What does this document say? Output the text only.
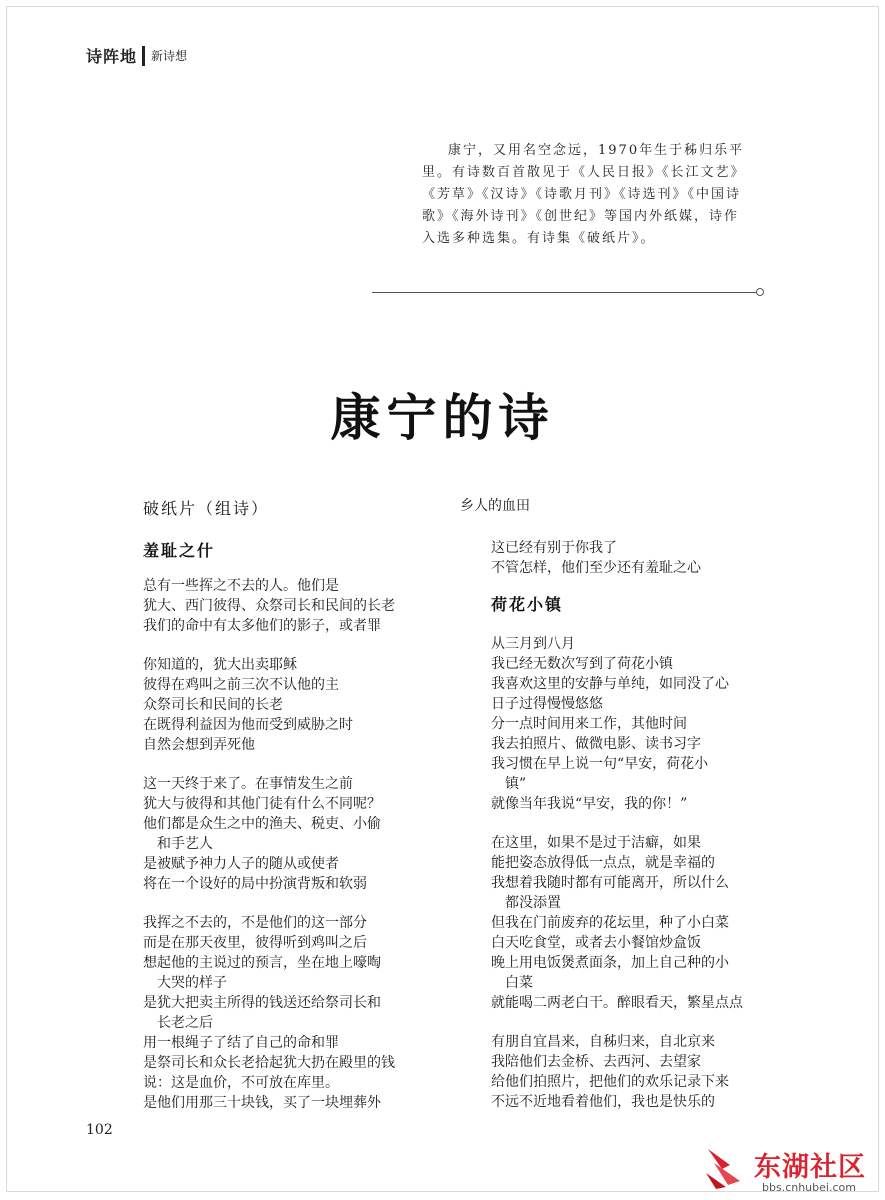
诗阵地 新诗想

康宁，又用名空念远，1970年生于秭归乐平里。有诗数百首散见于《人民日报》《长江文艺》《芳草》《汉诗》《诗歌月刊》《诗选刊》《中国诗歌》《海外诗刊》《创世纪》等国内外纸媒，诗作入选多种选集。有诗集《破纸片》。

康宁的诗
破纸片（组诗）
羞耻之什
总有一些挥之不去的人。他们是
犹大、西门彼得、众祭司长和民间的长老
我们的命中有太多他们的影子，或者罪
你知道的，犹大出卖耶稣
彼得在鸡叫之前三次不认他的主
众祭司长和民间的长老
在既得利益因为他而受到威胁之时
自然会想到弄死他
这一天终于来了。在事情发生之前
犹大与彼得和其他门徒有什么不同呢？
他们都是众生之中的渔夫、税吏、小偷
和手艺人
是被赋予神力人子的随从或使者
将在一个设好的局中扮演背叛和软弱
我挥之不去的，不是他们的这一部分
而是在那天夜里，彼得听到鸡叫之后
想起他的主说过的预言，坐在地上嚎啕
大哭的样子
是犹大把卖主所得的钱送还给祭司长和
长老之后
用一根绳子了结了自己的命和罪
是祭司长和众长老拾起犹大扔在殿里的钱
说：这是血价，不可放在库里。
是他们用那三十块钱，买了一块埋葬外
乡人的血田
这已经有别于你我了
不管怎样，他们至少还有羞耻之心
荷花小镇
从三月到八月
我已经无数次写到了荷花小镇
我喜欢这里的安静与单纯，如同没了心
日子过得慢慢悠悠
分一点时间用来工作，其他时间
我去拍照片、做微电影、读书习字
我习惯在早上说一句“早安，荷花小
镇”
就像当年我说“早安，我的你！”
在这里，如果不是过于洁癖，如果
能把姿态放得低一点点，就是幸福的
我想着我随时都有可能离开，所以什么
都没添置
但我在门前废弃的花坛里，种了小白菜
白天吃食堂，或者去小餐馆炒盒饭
晚上用电饭煲煮面条，加上自己种的小
白菜
就能喝二两老白干。醉眼看天，繁星点点
有朋自宜昌来，自秭归来，自北京来
我陪他们去金桥、去西河、去望家
给他们拍照片，把他们的欢乐记录下来
不远不近地看着他们，我也是快乐的
102
东湖社区
bbs.cnhubei.com
